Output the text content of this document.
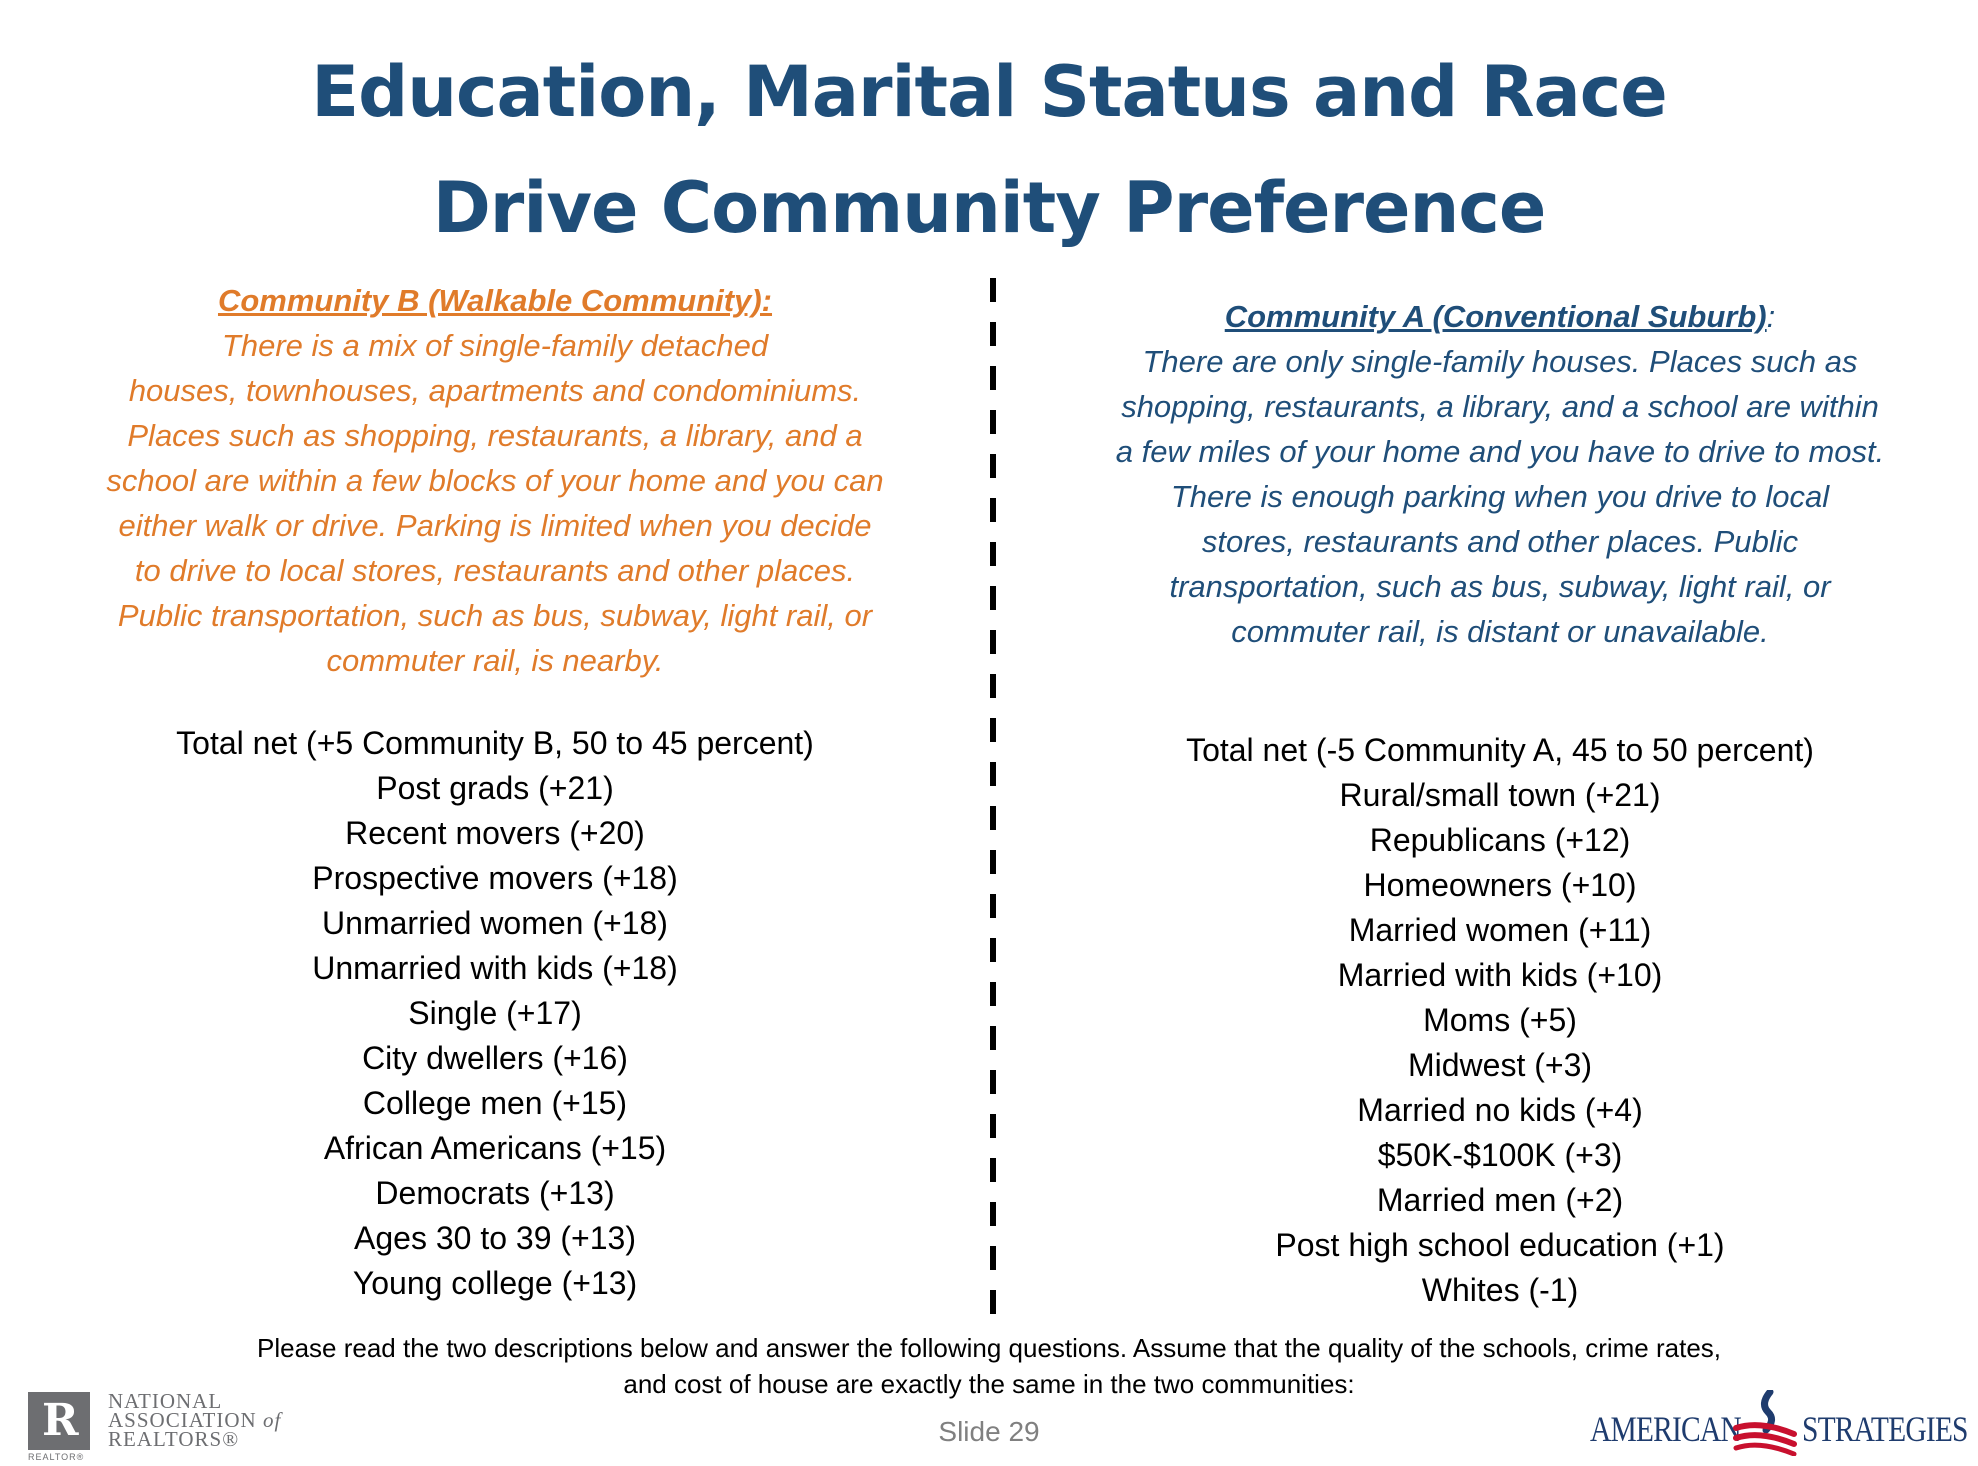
Education, Marital Status and Race
Drive Community Preference
Community B (Walkable Community):
There is a mix of single-family detached
houses, townhouses, apartments and condominiums.
Places such as shopping, restaurants, a library, and a
school are within a few blocks of your home and you can
either walk or drive. Parking is limited when you decide
to drive to local stores, restaurants and other places.
Public transportation, such as bus, subway, light rail, or
commuter rail, is nearby.
Community A (Conventional Suburb):
There are only single-family houses. Places such as
shopping, restaurants, a library, and a school are within
a few miles of your home and you have to drive to most.
There is enough parking when you drive to local
stores, restaurants and other places. Public
transportation, such as bus, subway, light rail, or
commuter rail, is distant or unavailable.
Total net (+5 Community B, 50 to 45 percent)
Post grads (+21)
Recent movers (+20)
Prospective movers (+18)
Unmarried women (+18)
Unmarried with kids (+18)
Single (+17)
City dwellers (+16)
College men (+15)
African Americans (+15)
Democrats (+13)
Ages 30 to 39 (+13)
Young college (+13)
Total net (-5 Community A, 45 to 50 percent)
Rural/small town (+21)
Republicans (+12)
Homeowners (+10)
Married women (+11)
Married with kids (+10)
Moms (+5)
Midwest (+3)
Married no kids (+4)
$50K-$100K (+3)
Married men (+2)
Post high school education (+1)
Whites (-1)
Please read the two descriptions below and answer the following questions. Assume that the quality of the schools, crime rates,
and cost of house are exactly the same in the two communities:
Slide 29
R
REALTOR®
NATIONAL
ASSOCIATION of
REALTORS®	AMERICAN STRATEGIES
